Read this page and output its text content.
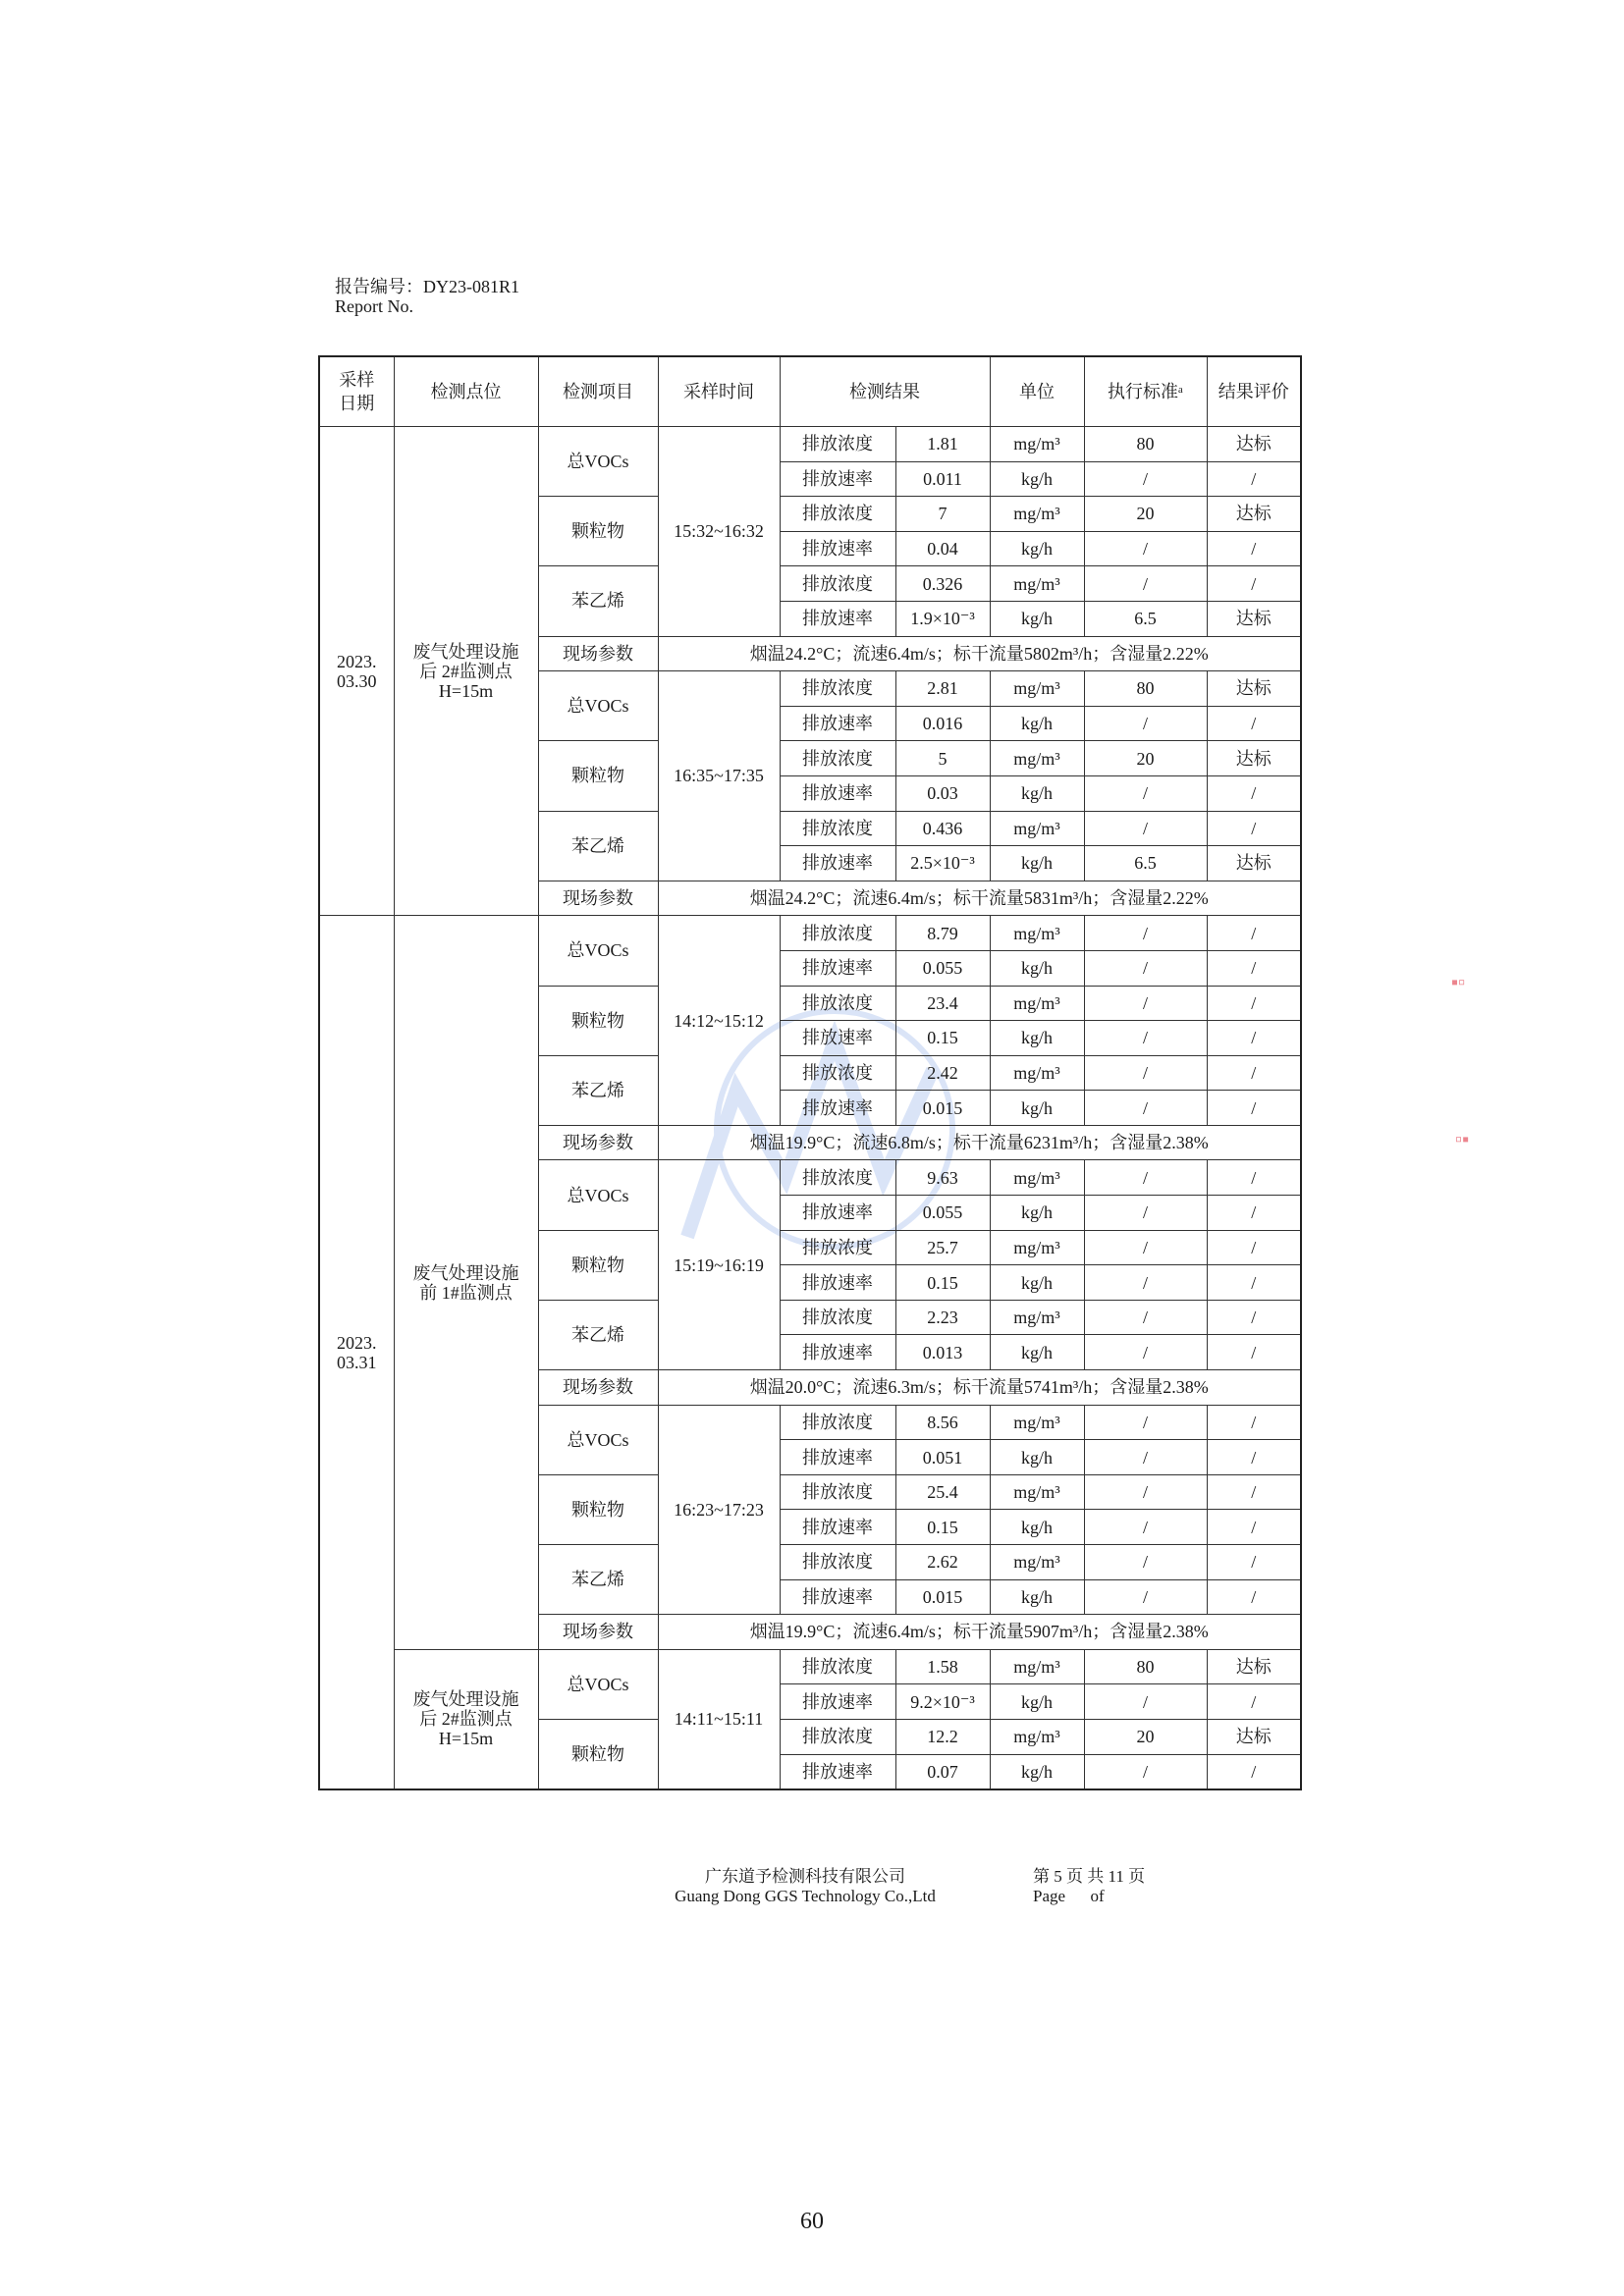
报告编号：DY23-081R1
Report No.
▪▫
▫▪
采样
日期	检测点位	检测项目	采样时间	检测结果		单位	执行标准ᵃ	结果评价
2023.
03.30	废气处理设施
后 2#监测点
H=15m	总VOCs	15:32~16:32	排放浓度	1.81	mg/m³	80	达标
				排放速率	0.011	kg/h	/	/
		颗粒物		排放浓度	7	mg/m³	20	达标
				排放速率	0.04	kg/h	/	/
		苯乙烯		排放浓度	0.326	mg/m³	/	/
				排放速率	1.9×10⁻³	kg/h	6.5	达标
		现场参数	烟温24.2°C；流速6.4m/s；标干流量5802m³/h；含湿量2.22%					
		总VOCs	16:35~17:35	排放浓度	2.81	mg/m³	80	达标
				排放速率	0.016	kg/h	/	/
		颗粒物		排放浓度	5	mg/m³	20	达标
				排放速率	0.03	kg/h	/	/
		苯乙烯		排放浓度	0.436	mg/m³	/	/
				排放速率	2.5×10⁻³	kg/h	6.5	达标
		现场参数	烟温24.2°C；流速6.4m/s；标干流量5831m³/h；含湿量2.22%					
2023.
03.31	废气处理设施
前 1#监测点	总VOCs	14:12~15:12	排放浓度	8.79	mg/m³	/	/
				排放速率	0.055	kg/h	/	/
		颗粒物		排放浓度	23.4	mg/m³	/	/
				排放速率	0.15	kg/h	/	/
		苯乙烯		排放浓度	2.42	mg/m³	/	/
				排放速率	0.015	kg/h	/	/
		现场参数	烟温19.9°C；流速6.8m/s；标干流量6231m³/h；含湿量2.38%					
		总VOCs	15:19~16:19	排放浓度	9.63	mg/m³	/	/
				排放速率	0.055	kg/h	/	/
		颗粒物		排放浓度	25.7	mg/m³	/	/
				排放速率	0.15	kg/h	/	/
		苯乙烯		排放浓度	2.23	mg/m³	/	/
				排放速率	0.013	kg/h	/	/
		现场参数	烟温20.0°C；流速6.3m/s；标干流量5741m³/h；含湿量2.38%					
		总VOCs	16:23~17:23	排放浓度	8.56	mg/m³	/	/
				排放速率	0.051	kg/h	/	/
		颗粒物		排放浓度	25.4	mg/m³	/	/
				排放速率	0.15	kg/h	/	/
		苯乙烯		排放浓度	2.62	mg/m³	/	/
				排放速率	0.015	kg/h	/	/
		现场参数	烟温19.9°C；流速6.4m/s；标干流量5907m³/h；含湿量2.38%					
	废气处理设施
后 2#监测点
H=15m	总VOCs	14:11~15:11	排放浓度	1.58	mg/m³	80	达标
				排放速率	9.2×10⁻³	kg/h	/	/
		颗粒物		排放浓度	12.2	mg/m³	20	达标
				排放速率	0.07	kg/h	/	/
广东道予检测科技有限公司
Guang Dong GGS Technology Co.,Ltd
第 5 页 共 11 页
Page      of
60
